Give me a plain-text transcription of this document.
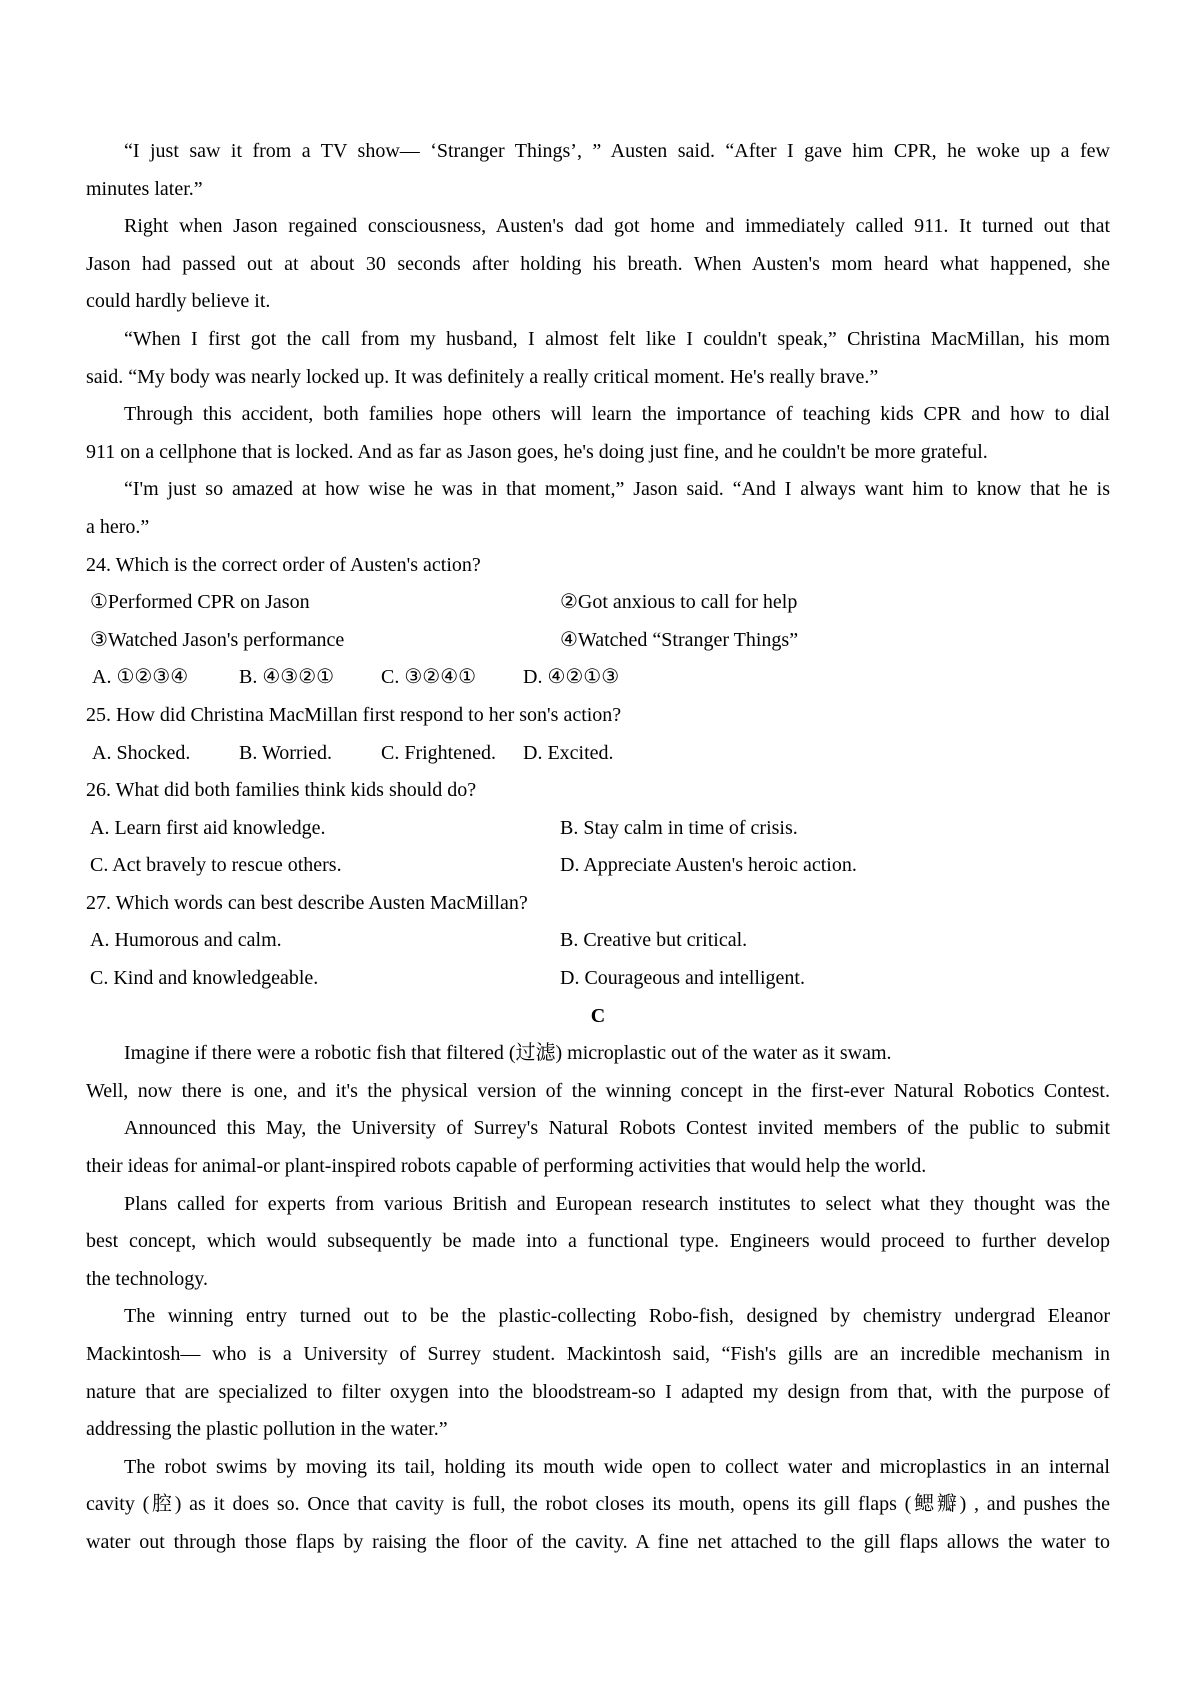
“I just saw it from a TV show— ‘Stranger Things’, ” Austen said. “After I gave him CPR, he woke up a few
minutes later.”
Right when Jason regained consciousness, Austen's dad got home and immediately called 911. It turned out that
Jason had passed out at about 30 seconds after holding his breath. When Austen's mom heard what happened, she
could hardly believe it.
“When I first got the call from my husband, I almost felt like I couldn't speak,” Christina MacMillan, his mom
said. “My body was nearly locked up. It was definitely a really critical moment. He's really brave.”
Through this accident, both families hope others will learn the importance of teaching kids CPR and how to dial
911 on a cellphone that is locked. And as far as Jason goes, he's doing just fine, and he couldn't be more grateful.
“I'm just so amazed at how wise he was in that moment,” Jason said. “And I always want him to know that he is
a hero.”
24. Which is the correct order of Austen's action?
①Performed CPR on Jason	②Got anxious to call for help
③Watched Jason's performance	④Watched “Stranger Things”
A. ①②③④	B. ④③②① C. ③②④① D. ④②①③
25. How did Christina MacMillan first respond to her son's action?
A. Shocked. B. Worried. C. Frightened. D. Excited.
26. What did both families think kids should do?
A. Learn first aid knowledge.	B. Stay calm in time of crisis.
C. Act bravely to rescue others.	D. Appreciate Austen's heroic action.
27. Which words can best describe Austen MacMillan?
A. Humorous and calm.	B. Creative but critical.
C. Kind and knowledgeable.	D. Courageous and intelligent.
C
Imagine if there were a robotic fish that filtered (过滤) microplastic out of the water as it swam.
Well, now there is one, and it's the physical version of the winning concept in the first-ever Natural Robotics Contest.
Announced this May, the University of Surrey's Natural Robots Contest invited members of the public to submit
their ideas for animal-or plant-inspired robots capable of performing activities that would help the world.
Plans called for experts from various British and European research institutes to select what they thought was the
best concept, which would subsequently be made into a functional type. Engineers would proceed to further develop
the technology.
The winning entry turned out to be the plastic-collecting Robo-fish, designed by chemistry undergrad Eleanor
Mackintosh— who is a University of Surrey student. Mackintosh said, “Fish's gills are an incredible mechanism in
nature that are specialized to filter oxygen into the bloodstream-so I adapted my design from that, with the purpose of
addressing the plastic pollution in the water.”
The robot swims by moving its tail, holding its mouth wide open to collect water and microplastics in an internal
cavity (腔) as it does so. Once that cavity is full, the robot closes its mouth, opens its gill flaps (鳃瓣) , and pushes the
water out through those flaps by raising the floor of the cavity. A fine net attached to the gill flaps allows the water to
